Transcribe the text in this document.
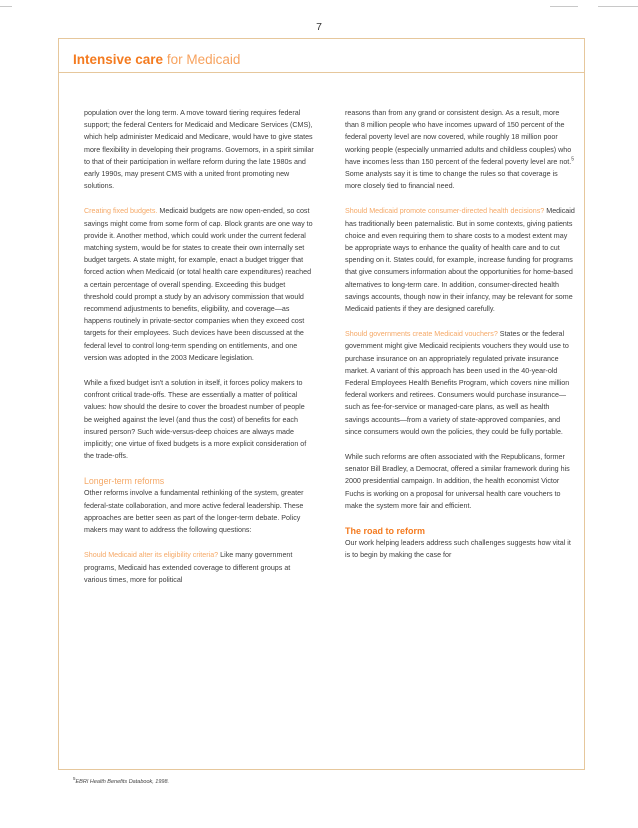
7
Intensive care for Medicaid

population over the long term. A move toward tiering requires federal support; the federal Centers for Medicaid and Medicare Services (CMS), which help administer Medicaid and Medicare, would have to give states more flexibility in developing their programs. Governors, in a spirit similar to that of their participation in welfare reform during the late 1980s and early 1990s, may present CMS with a united front promoting new solutions.

Creating fixed budgets. Medicaid budgets are now open-ended, so cost savings might come from some form of cap. Block grants are one way to provide it. Another method, which could work under the current federal matching system, would be for states to create their own internally set budget targets. A state might, for example, enact a budget trigger that forced action when Medicaid (or total health care expenditures) reached a certain percentage of overall spending. Exceeding this budget threshold could prompt a study by an advisory commission that would recommend adjustments to benefits, eligibility, and coverage—as happens routinely in private-sector companies when they exceed cost targets for their employees. Such devices have been discussed at the federal level to control long-term spending on entitlements, and one version was adopted in the 2003 Medicare legislation.

While a fixed budget isn't a solution in itself, it forces policy makers to confront critical trade-offs. These are essentially a matter of political values: how should the desire to cover the broadest number of people be weighed against the level (and thus the cost) of benefits for each insured person? Such wide-versus-deep choices are always made implicitly; one virtue of fixed budgets is a more explicit consideration of the trade-offs.

Longer-term reforms

Other reforms involve a fundamental rethinking of the system, greater federal-state collaboration, and more active federal leadership. These approaches are better seen as part of the longer-term debate. Policy makers may want to address the following questions:

Should Medicaid alter its eligibility criteria? Like many government programs, Medicaid has extended coverage to different groups at various times, more for political

reasons than from any grand or consistent design. As a result, more than 8 million people who have incomes upward of 150 percent of the federal poverty level are now covered, while roughly 18 million poor working people (especially unmarried adults and childless couples) who have incomes less than 150 percent of the federal poverty level are not.$^5$ Some analysts say it is time to change the rules so that coverage is more closely tied to financial need.

Should Medicaid promote consumer-directed health decisions? Medicaid has traditionally been paternalistic. But in some contexts, giving patients choice and even requiring them to share costs to a modest extent may be appropriate ways to enhance the quality of health care and to cut spending on it. States could, for example, increase funding for programs that give consumers information about the opportunities for home-based alternatives to long-term care. In addition, consumer-directed health savings accounts, though now in their infancy, may be relevant for some Medicaid patients if they are designed carefully.

Should governments create Medicaid vouchers? States or the federal government might give Medicaid recipients vouchers they would use to purchase insurance on an appropriately regulated private insurance market. A variant of this approach has been used in the 40-year-old Federal Employees Health Benefits Program, which covers nine million federal workers and retirees. Consumers would purchase insurance—such as fee-for-service or managed-care plans, as well as health savings accounts—from a variety of state-approved companies, and since consumers would own the policies, they could be fully portable.

While such reforms are often associated with the Republicans, former senator Bill Bradley, a Democrat, offered a similar framework during his 2000 presidential campaign. In addition, the health economist Victor Fuchs is working on a proposal for universal health care vouchers to make the system more fair and efficient.

The road to reform

Our work helping leaders address such challenges suggests how vital it is to begin by making the case for

$^5$EBRI Health Benefits Databook, 1998.
